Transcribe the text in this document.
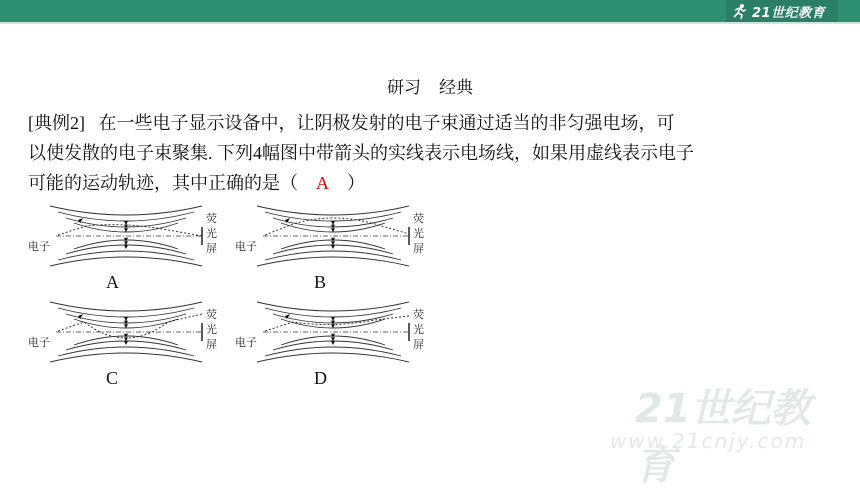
21世纪教育
研习 经典
[典例2] 在一些电子显示设备中，让阴极发射的电子束通过适当的非匀强电场，可
以使发散的电子束聚集. 下列4幅图中带箭头的实线表示电场线，如果用虚线表示电子
可能的运动轨迹，其中正确的是（ A ）
电子
荧
光
屏
A
电子
荧
光
屏
B
电子
荧
光
屏
C
电子
荧
光
屏
D
21世纪教育
www.21cnjy.com
